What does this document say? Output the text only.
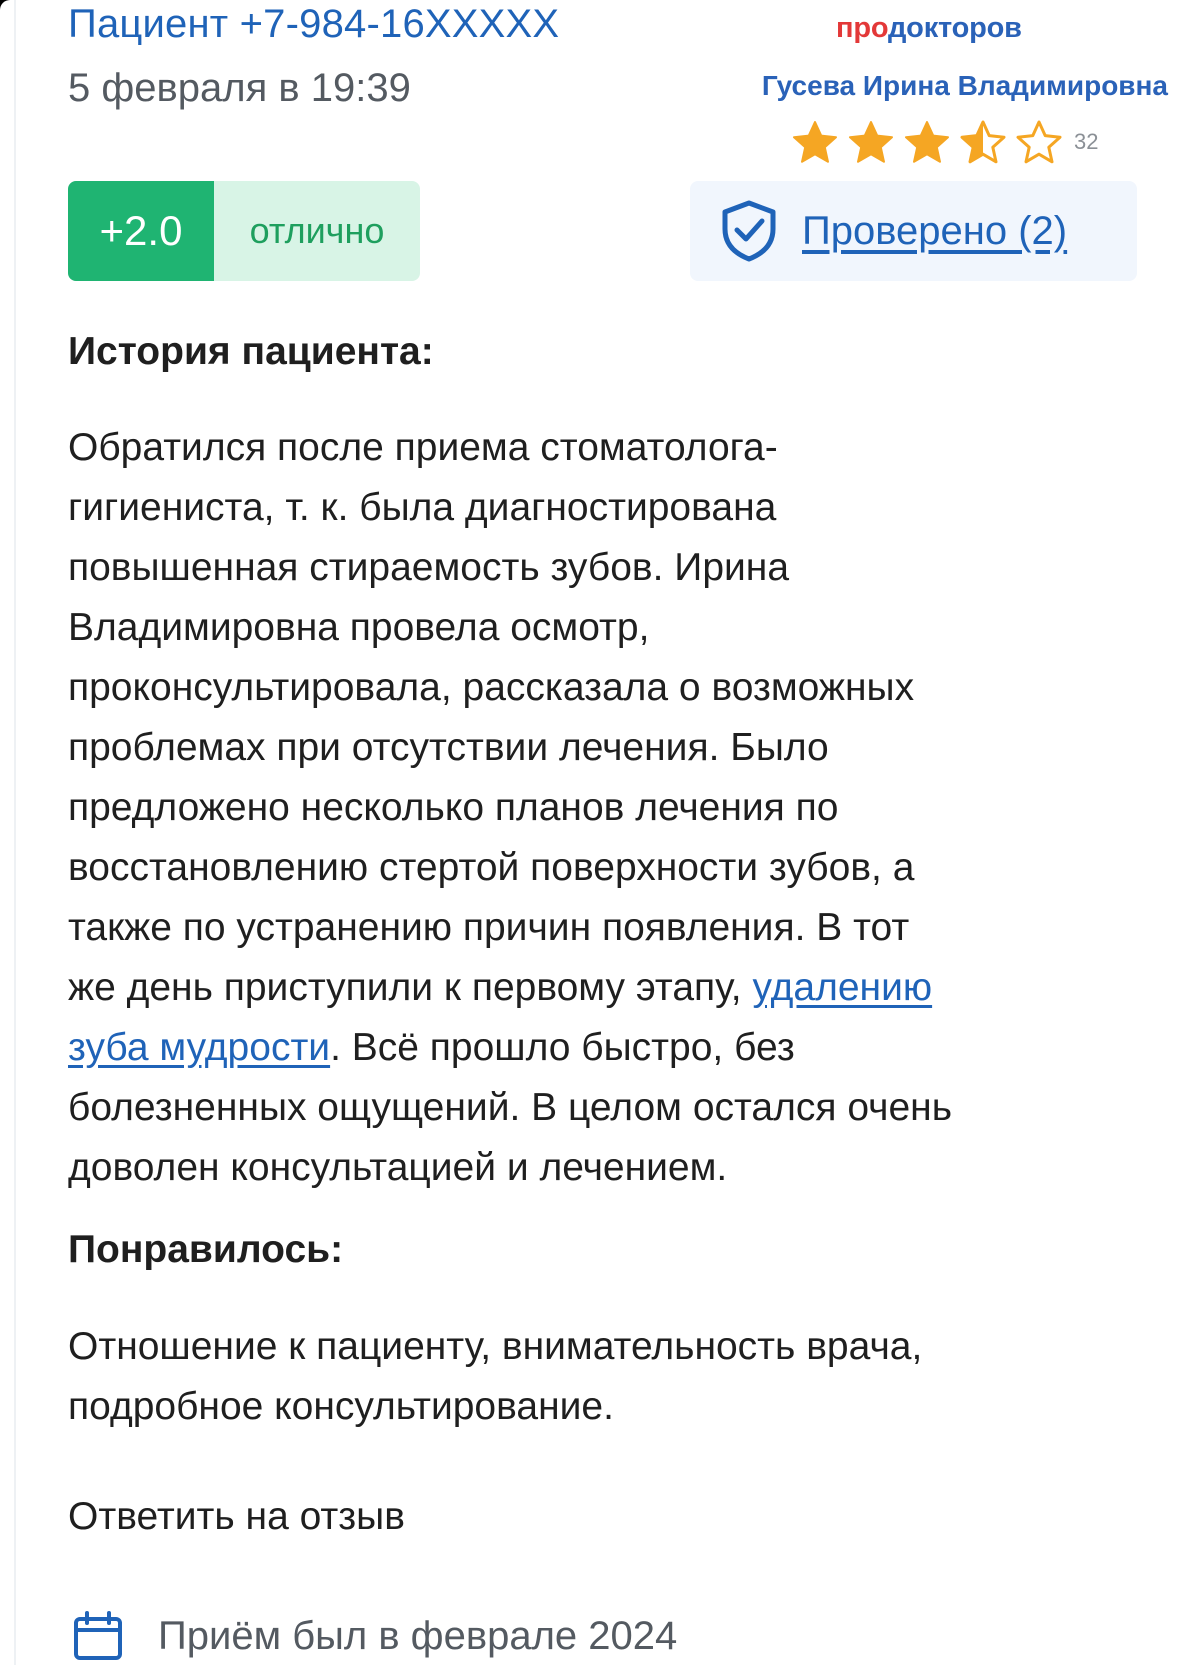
Пациент +7-984-16XXXXX
5 февраля в 19:39
продокторов
Гусева Ирина Владимировна
32
+2.0	отлично	Проверено (2)
История пациента:
Обратился после приема стоматолога-
гигиениста, т. к. была диагностирована
повышенная стираемость зубов. Ирина
Владимировна провела осмотр,
проконсультировала, рассказала о возможных
проблемах при отсутствии лечения. Было
предложено несколько планов лечения по
восстановлению стертой поверхности зубов, а
также по устранению причин появления. В тот
же день приступили к первому этапу, удалению
зуба мудрости. Всё прошло быстро, без
болезненных ощущений. В целом остался очень
доволен консультацией и лечением.
Понравилось:
Отношение к пациенту, внимательность врача,
подробное консультирование.
Ответить на отзыв
Приём был в феврале 2024
